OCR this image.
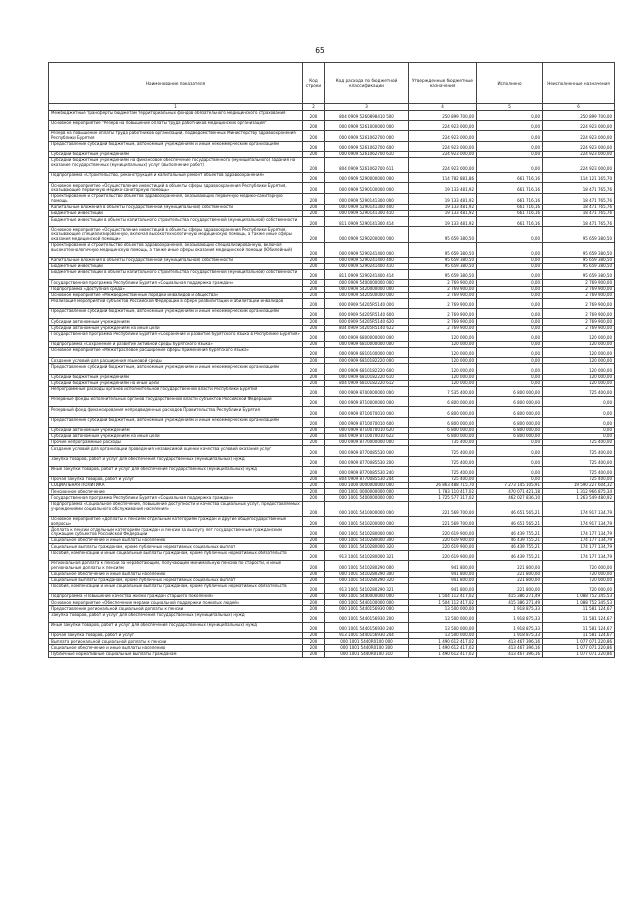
65
Наименование показателя	Код строки	Код расхода по бюджетной классификации	Утвержденные бюджетные назначения	Исполнено	Неисполненные назначения
1	2	3	4	5	6
Межбюджетные трансферты бюджетам территориальных фондов обязательного медицинского страхования	200	804 0909 5260898410 500	250 899 700,00	0,00	250 899 700,00
Основное мероприятие "Резерв на повышение оплаты труда работников медицинских организаций"	200	000 0909 5261000000 000	224 923 000,00	0,00	224 923 000,00
Резерв на повышение оплаты труда работников организаций, подведомственных Министерству здравоохранения Республики Бурятия	200	000 0909 5261062700 000	224 923 000,00	0,00	224 923 000,00
Предоставление субсидий бюджетным, автономным учреждениям и иным некоммерческим организациям	200	000 0909 5261062700 600	224 923 000,00	0,00	224 923 000,00
Субсидии бюджетным учреждениям	200	000 0909 5261062700 610	224 923 000,00	0,00	224 923 000,00
Субсидии бюджетным учреждениям на финансовое обеспечение государственного (муниципального) задания на оказание государственных (муниципальных) услуг (выполнение работ)	200	804 0909 5261062700 611	224 923 000,00	0,00	224 923 000,00
Подпрограмма «Строительство, реконструкция и капитальный ремонт объектов здравоохранения»	200	000 0909 5290000000 000	114 782 881,86	661 716,16	114 121 165,70
Основное мероприятие «Осуществление инвестиций в объекты сферы здравоохранения Республики Бурятия, оказывающие первичную медико-санитарную помощь»	200	000 0909 5290100000 000	19 133 481,92	661 716,16	18 471 765,76
Проектирование и строительство объектов здравоохранения, оказывающих первичную медико-санитарную помощь	200	000 0909 5290141300 000	19 133 481,92	661 716,16	18 471 765,76
Капитальные вложения в объекты государственной (муниципальной) собственности	200	000 0909 5290141300 400	19 133 481,92	661 716,16	18 471 765,76
Бюджетные инвестиции	200	000 0909 5290141300 410	19 133 481,92	661 716,16	18 471 765,76
Бюджетные инвестиции в объекты капитального строительства государственной (муниципальной) собственности	200	811 0909 5290141300 414	19 133 481,92	661 716,16	18 471 765,76
Основное мероприятие «Осуществление инвестиций в объекты сферы здравоохранения Республики Бурятия, оказывающие специализированную, включая высокотехнологичную медицинскую помощь, а также иные сферы оказания медицинской помощи»	200	000 0909 5290200000 000	95 659 380,50	0,00	95 659 380,50
Проектирование и строительство объектов здравоохранения, оказывающих специализированную, включая высокотехнологичную медицинскую помощь, а также иные сферы оказания медицинской помощи (Юбилейный)	200	000 0909 5290241400 000	95 659 380,50	0,00	95 659 380,50
Капитальные вложения в объекты государственной (муниципальной) собственности	200	000 0909 5290241400 400	95 659 380,50	0,00	95 659 380,50
Бюджетные инвестиции	200	000 0909 5290241400 410	95 659 380,50	0,00	95 659 380,50
Бюджетные инвестиции в объекты капитального строительства государственной (муниципальной) собственности	200	811 0909 5290241400 414	95 659 380,50	0,00	95 659 380,50
Государственная программа Республики Бурятия «Социальная поддержка граждан»	200	000 0909 5400000000 000	2 769 900,00	0,00	2 769 900,00
Подпрограмма «Доступная среда»	200	000 0909 5420000000 000	2 769 900,00	0,00	2 769 900,00
Основное мероприятие «Межведомственные порядки инвалидов и общества»	200	000 0909 5420500000 000	2 769 900,00	0,00	2 769 900,00
Реализация мероприятий субъектов Российской Федерации в сфере реабилитации и абилитации инвалидов	200	000 0909 54205R5140 000	2 769 900,00	0,00	2 769 900,00
Предоставление субсидий бюджетным, автономным учреждениям и иным некоммерческим организациям	200	000 0909 54205R5140 600	2 769 900,00	0,00	2 769 900,00
Субсидии автономным учреждениям	200	000 0909 54205R5140 620	2 769 900,00	0,00	2 769 900,00
Субсидии автономным учреждениям на иные цели	200	804 0909 54205R5140 622	2 769 900,00	0,00	2 769 900,00
Государственная программа Республики Бурятия «Сохранение и развитие бурятского языка в Республике Бурятия»	200	000 0909 6800000000 000	120 000,00	0,00	120 000,00
Подпрограмма «Сохранение и развитие активной среды бурятского языка»	200	000 0909 6810000000 000	120 000,00	0,00	120 000,00
Основное мероприятие «Межотраслевое расширение сферы применения бурятского языка»	200	000 0909 6810100000 000	120 000,00	0,00	120 000,00
Создание условий для расширения языковой среды	200	000 0909 6810182220 000	120 000,00	0,00	120 000,00
Предоставление субсидий бюджетным, автономным учреждениям и иным некоммерческим организациям	200	000 0909 6810182220 600	120 000,00	0,00	120 000,00
Субсидии бюджетным учреждениям	200	000 0909 6810182220 610	120 000,00	0,00	120 000,00
Субсидии бюджетным учреждениям на иные цели	200	804 0909 6810182220 612	120 000,00	0,00	120 000,00
Непрограммные расходы органов исполнительной государственной власти Республики Бурятия	200	000 0909 8700000000 000	7 535 400,00	6 800 000,00	725 400,00
Резервные фонды исполнительных органов государственной власти субъектов Российской Федерации	200	000 0909 8710000000 000	6 800 000,00	6 800 000,00	0,00
Резервный фонд финансирования непредвиденных расходов Правительства Республики Бурятия	200	000 0909 8710070010 000	6 800 000,00	6 800 000,00	0,00
Предоставление субсидий бюджетным, автономным учреждениям и иным некоммерческим организациям	200	000 0909 8710070010 600	6 800 000,00	6 800 000,00	0,00
Субсидии автономным учреждениям	200	000 0909 8710070010 620	6 800 000,00	6 800 000,00	0,00
Субсидии автономным учреждениям на иные цели	200	804 0909 8710070010 622	6 800 000,00	6 800 000,00	0,00
Прочие непрограммные расходы	200	000 0909 8770000000 000	735 400,00	0,00	725 400,00
Создание условий для организации проведения независимой оценки качества условий оказания услуг	200	000 0909 8770085530 000	725 400,00	0,00	725 400,00
Закупка товаров, работ и услуг для обеспечения государственных (муниципальных) нужд	200	000 0909 8770085530 200	725 400,00	0,00	725 400,00
Иные закупки товаров, работ и услуг для обеспечения государственных (муниципальных) нужд	200	000 0909 8770085530 240	725 400,00	0,00	725 400,00
Прочая закупка товаров, работ и услуг	200	804 0909 8770085530 244	725 400,00	0,00	725 400,00
СОЦИАЛЬНАЯ ПОЛИТИКА	200	000 1000 0000000000 000	26 863 488 715,70	7 273 145 105,91	19 590 227 604,32
Пенсионное обеспечение	200	000 1001 0000000000 000	1 783 110 417,02	470 071 421,18	1 312 966 875,34
Государственная программа Республики Бурятия «Социальная поддержка граждан»	200	000 1001 5400000000 000	1 725 577 317,02	462 027 836,10	1 263 549 480,92
Подпрограмма «Социальное обеспечение, повышение доступности и качества социальных услуг, предоставляемых учреждениями социального обслуживания населения»	200	000 1001 5410000000 000	221 569 700,00	46 651 565,21	174 917 134,79
Основное мероприятие «Доплаты к пенсиям отдельным категориям граждан и другие общегосударственные вопросы»	200	000 1001 5410200000 000	221 569 700,00	46 651 565,21	174 917 134,79
Доплата к пенсии отдельным категориям граждан и пенсии за выслугу лет государственным гражданским служащим субъектов Российской Федерации	200	000 1001 5410280000 000	220 619 900,00	46 439 755,21	174 177 134,79
Социальное обеспечение и иные выплаты населению	200	000 1001 5410280000 300	220 619 900,00	46 439 755,21	174 177 134,79
Социальные выплаты гражданам, кроме публичных нормативных социальных выплат	200	000 1001 5410280000 320	220 619 900,00	46 439 755,21	174 177 134,79
Пособия, компенсации и иные социальные выплаты гражданам, кроме публичных нормативных обязательств	200	913 1001 5410280000 321	220 619 900,00	46 439 755,21	174 177 134,79
Региональная доплата к пенсии за неработающим, получающим минимальную пенсию по старости, и иные региональные доплаты к пенсиям	200	000 1001 5410280290 000	941 800,00	221 800,00	720 000,00
Социальное обеспечение и иные выплаты населению	200	000 1001 5410280290 300	941 800,00	221 800,00	720 000,00
Социальные выплаты гражданам, кроме публичных нормативных социальных выплат	200	000 1001 5410280290 320	941 800,00	221 800,00	720 000,00
Пособия, компенсации и иные социальные выплаты гражданам, кроме публичных нормативных обязательств	200	913 1001 5410280290 321	941 800,00	221 800,00	720 000,00
Подпрограмма «Повышение качества жизни граждан старшего поколения»	200	000 1001 5440000000 000	1 504 112 417,02	415 386 271,49	1 088 752 345,53
Основное мероприятие «Обеспечение мерами социальной поддержки пожилых людей»	200	000 1001 5440100000 000	1 504 112 417,02	415 386 271,49	1 088 752 345,53
Предоставление региональной социальной доплаты к пенсии	200	000 1001 5440156930 000	13 500 000,00	1 918 875,33	11 581 124,67
Закупка товаров, работ и услуг для обеспечения государственных (муниципальных) нужд	200	000 1001 5440156930 200	13 500 000,00	1 918 875,33	11 581 124,67
Иные закупки товаров, работ и услуг для обеспечения государственных (муниципальных) нужд	200	000 1001 5440156930 240	13 500 000,00	1 918 875,33	11 581 124,67
Прочая закупка товаров, работ и услуг	200	913 1001 5440156930 244	13 500 000,00	1 918 875,33	11 581 124,67
Выплата региональной социальной доплаты к пенсии	200	000 1001 5440R0100 000	1 490 612 417,02	413 467 396,16	1 077 071 220,86
Социальное обеспечение и иные выплаты населению	200	000 1001 5440R0100 300	1 490 612 417,02	413 467 396,16	1 077 071 220,86
Публичные нормативные социальные выплаты гражданам	200	000 1001 5440R0100 310	1 490 612 417,02	413 467 396,16	1 077 071 220,86
